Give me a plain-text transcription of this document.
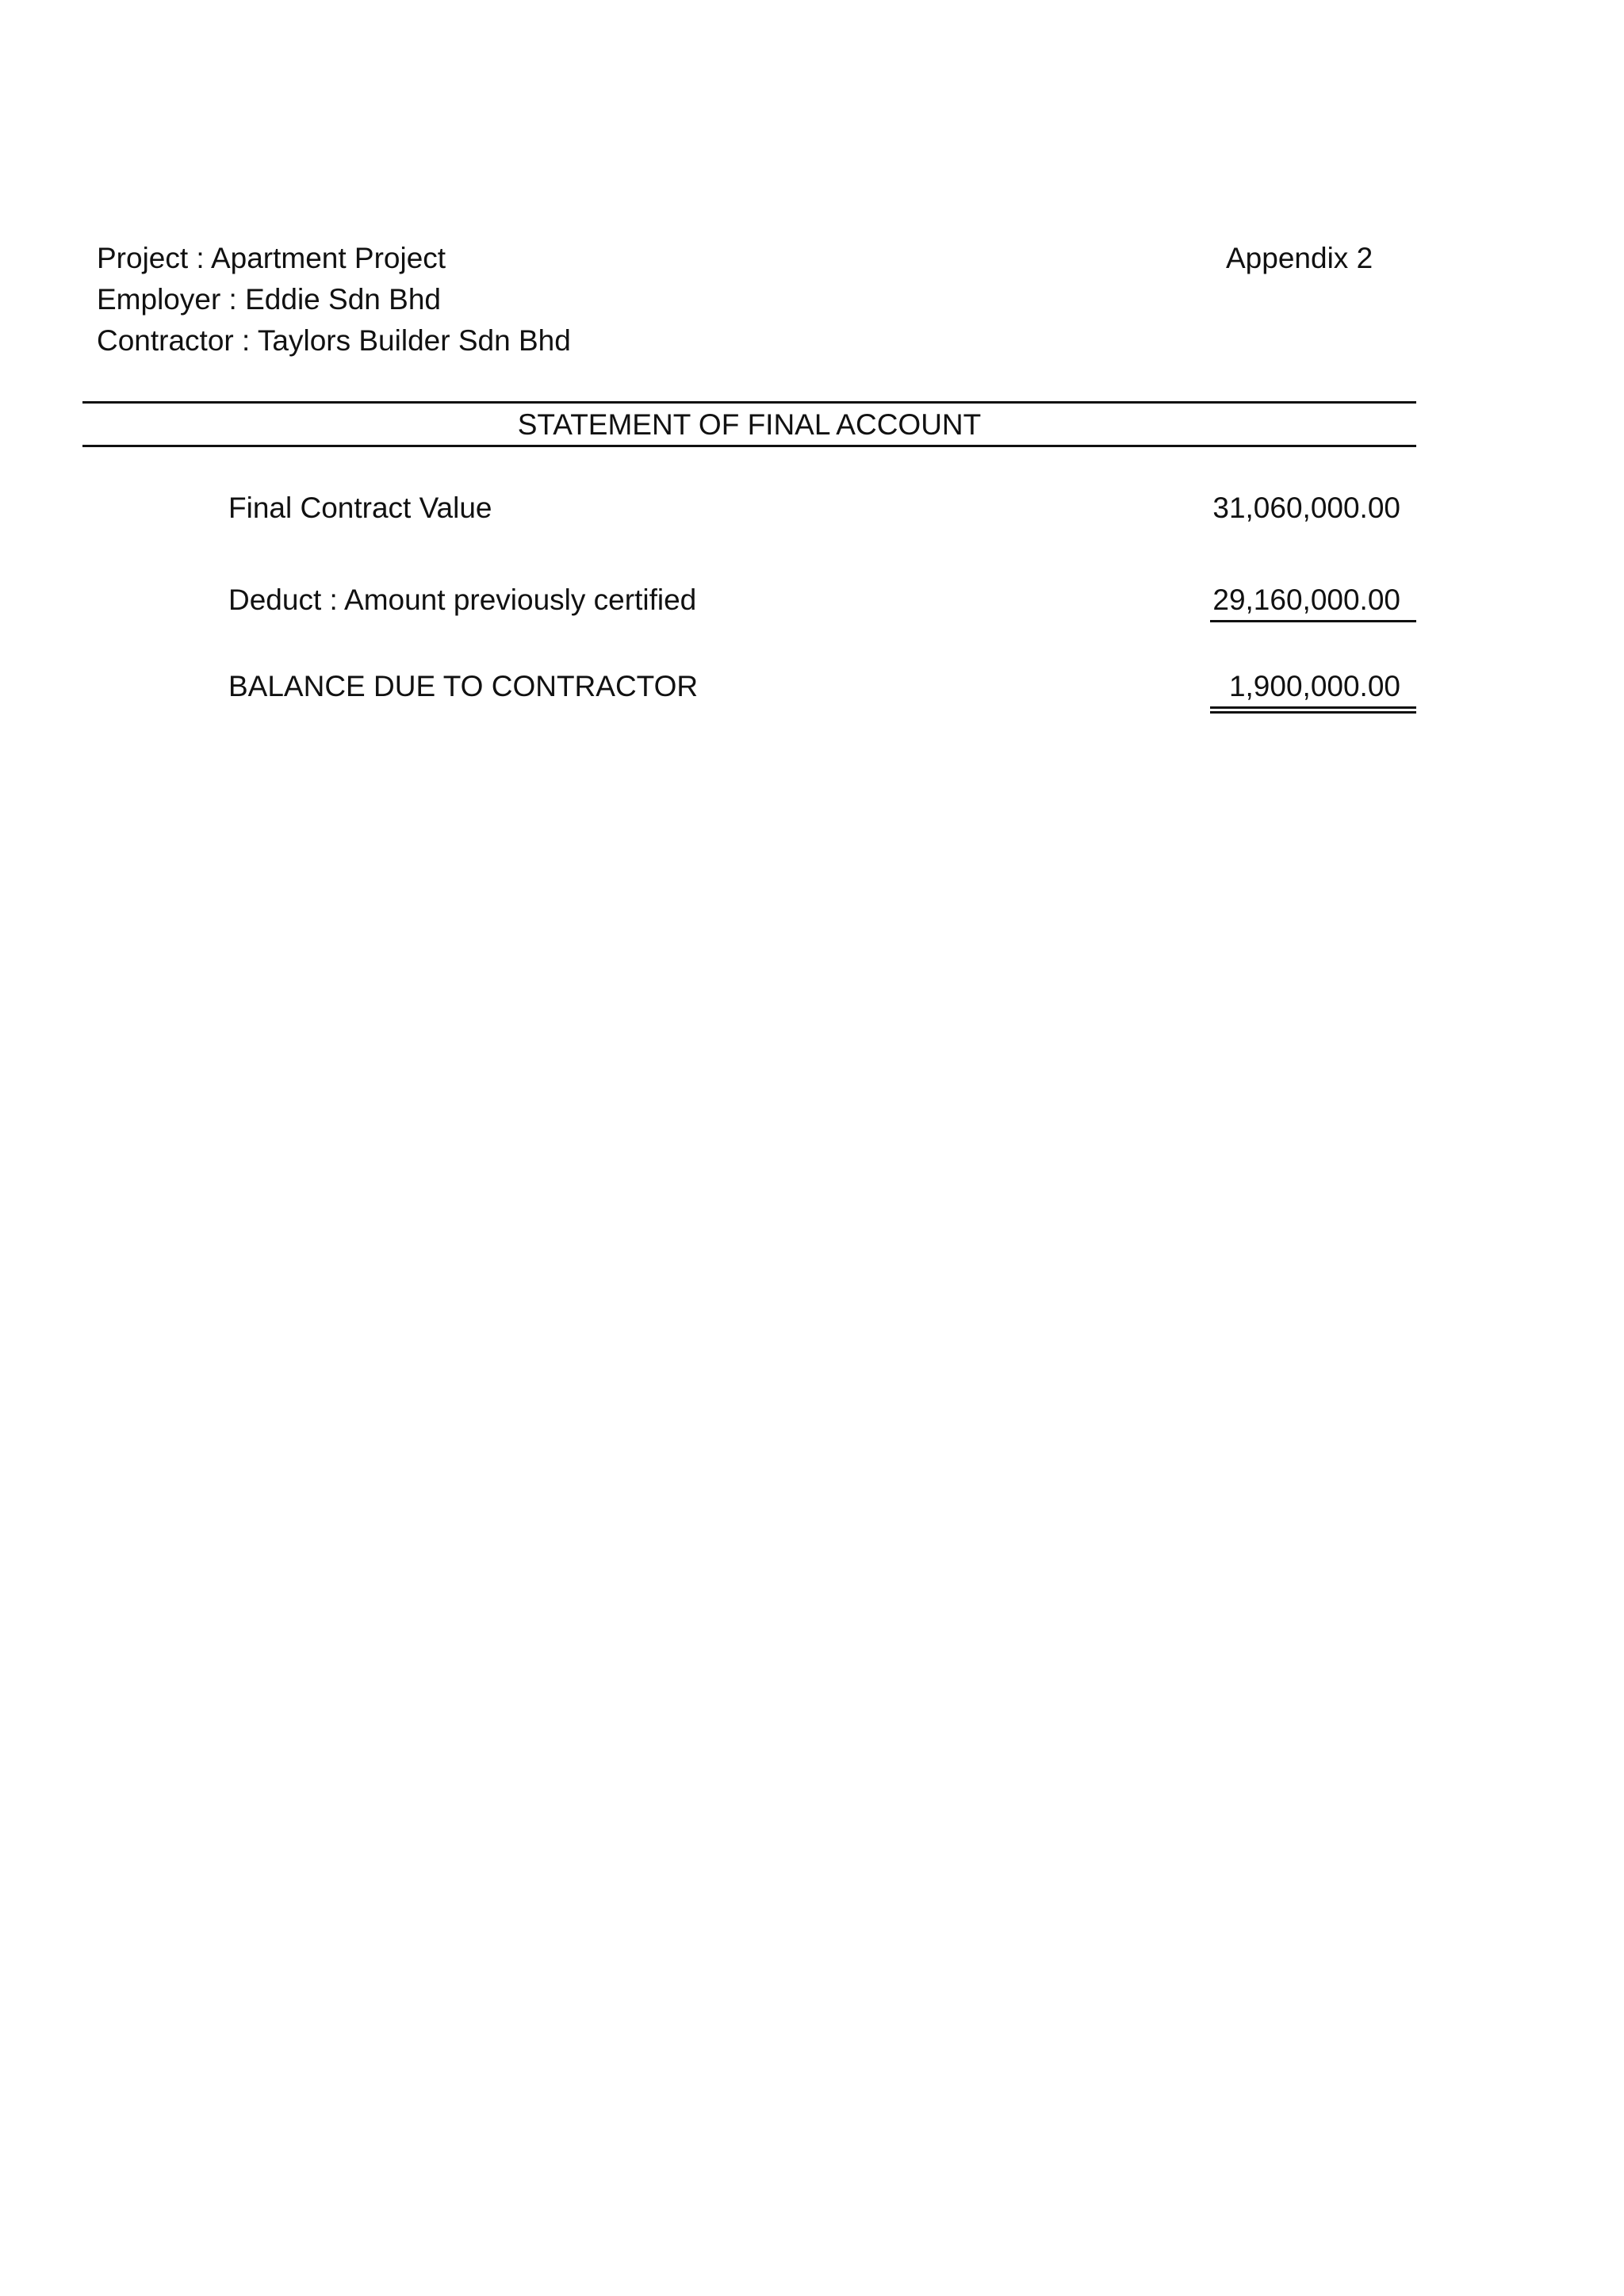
Project : Apartment Project
Employer : Eddie Sdn Bhd
Contractor : Taylors Builder Sdn Bhd
Appendix 2
STATEMENT OF FINAL ACCOUNT
Final Contract Value	31,060,000.00
Deduct : Amount previously certified	29,160,000.00
BALANCE DUE TO CONTRACTOR	1,900,000.00
